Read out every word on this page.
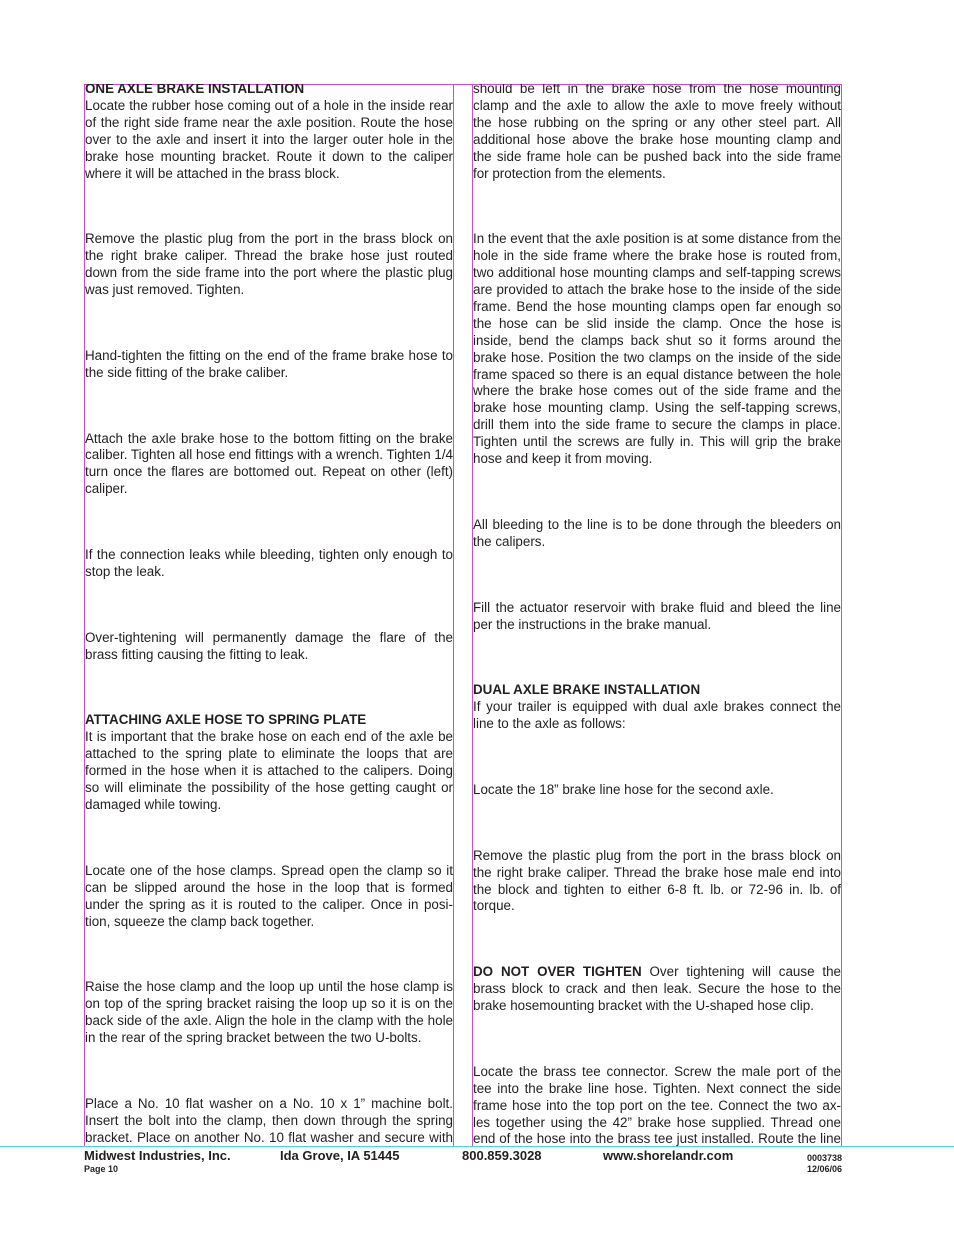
ONE AXLE BRAKE INSTALLATION

Locate the rubber hose coming out of a hole in the inside rear of the right side frame near the axle position. Route the hose over to the axle and insert it into the larger outer hole in the brake hose mounting bracket. Route it down to the caliper where it will be attached in the brass block.

Remove the plastic plug from the port in the brass block on the right brake caliper. Thread the brake hose just routed down from the side frame into the port where the plastic plug was just removed. Tighten.

Hand-tighten the fitting on the end of the frame brake hose to the side fitting of the brake caliber.

Attach the axle brake hose to the bottom fitting on the brake caliber. Tighten all hose end fittings with a wrench. Tighten 1/4 turn once the flares are bottomed out. Repeat on other (left) caliper.

If the connection leaks while bleeding, tighten only enough to stop the leak.

Over-tightening will permanently damage the flare of the brass fitting causing the fitting to leak.

ATTACHING AXLE HOSE TO SPRING PLATE

It is important that the brake hose on each end of the axle be attached to the spring plate to eliminate the loops that are formed in the hose when it is attached to the calipers. Doing so will eliminate the possibility of the hose getting caught or damaged while towing.

Locate one of the hose clamps. Spread open the clamp so it can be slipped around the hose in the loop that is formed under the spring as it is routed to the caliper. Once in posi-tion, squeeze the clamp back together.

Raise the hose clamp and the loop up until the hose clamp is on top of the spring bracket raising the loop up so it is on the back side of the axle. Align the hole in the clamp with the hole in the rear of the spring bracket between the two U-bolts.

Place a No. 10 flat washer on a No. 10 x 1” machine bolt. Insert the bolt into the clamp, then down through the spring bracket. Place on another No. 10 flat washer and secure with

should be left in the brake hose from the hose mounting clamp and the axle to allow the axle to move freely without the hose rubbing on the spring or any other steel part. All additional hose above the brake hose mounting clamp and the side frame hole can be pushed back into the side frame for protection from the elements.

In the event that the axle position is at some distance from the hole in the side frame where the brake hose is routed from, two additional hose mounting clamps and self-tapping screws are provided to attach the brake hose to the inside of the side frame. Bend the hose mounting clamps open far enough so the hose can be slid inside the clamp. Once the hose is inside, bend the clamps back shut so it forms around the brake hose. Position the two clamps on the inside of the side frame spaced so there is an equal distance between the hole where the brake hose comes out of the side frame and the brake hose mounting clamp. Using the self-tapping screws, drill them into the side frame to secure the clamps in place. Tighten until the screws are fully in. This will grip the brake hose and keep it from moving.

All bleeding to the line is to be done through the bleeders on the calipers.

Fill the actuator reservoir with brake fluid and bleed the line per the instructions in the brake manual.

DUAL AXLE BRAKE INSTALLATION

If your trailer is equipped with dual axle brakes connect the line to the axle as follows:

Locate the 18” brake line hose for the second axle.

Remove the plastic plug from the port in the brass block on the right brake caliper. Thread the brake hose male end into the block and tighten to either 6-8 ft. lb. or 72-96 in. lb. of torque.

DO NOT OVER TIGHTEN Over tightening will cause the brass block to crack and then leak. Secure the hose to the brake hosemounting bracket with the U-shaped hose clip.

Locate the brass tee connector. Screw the male port of the tee into the brake line hose. Tighten. Next connect the side frame hose into the top port on the tee. Connect the two ax-les together using the 42” brake hose supplied. Thread one end of the hose into the brass tee just installed. Route the line

Midwest Industries, Inc.
Page 10
Ida Grove, IA 51445	800.859.3028	www.shorelandr.com	0003738
12/06/06
